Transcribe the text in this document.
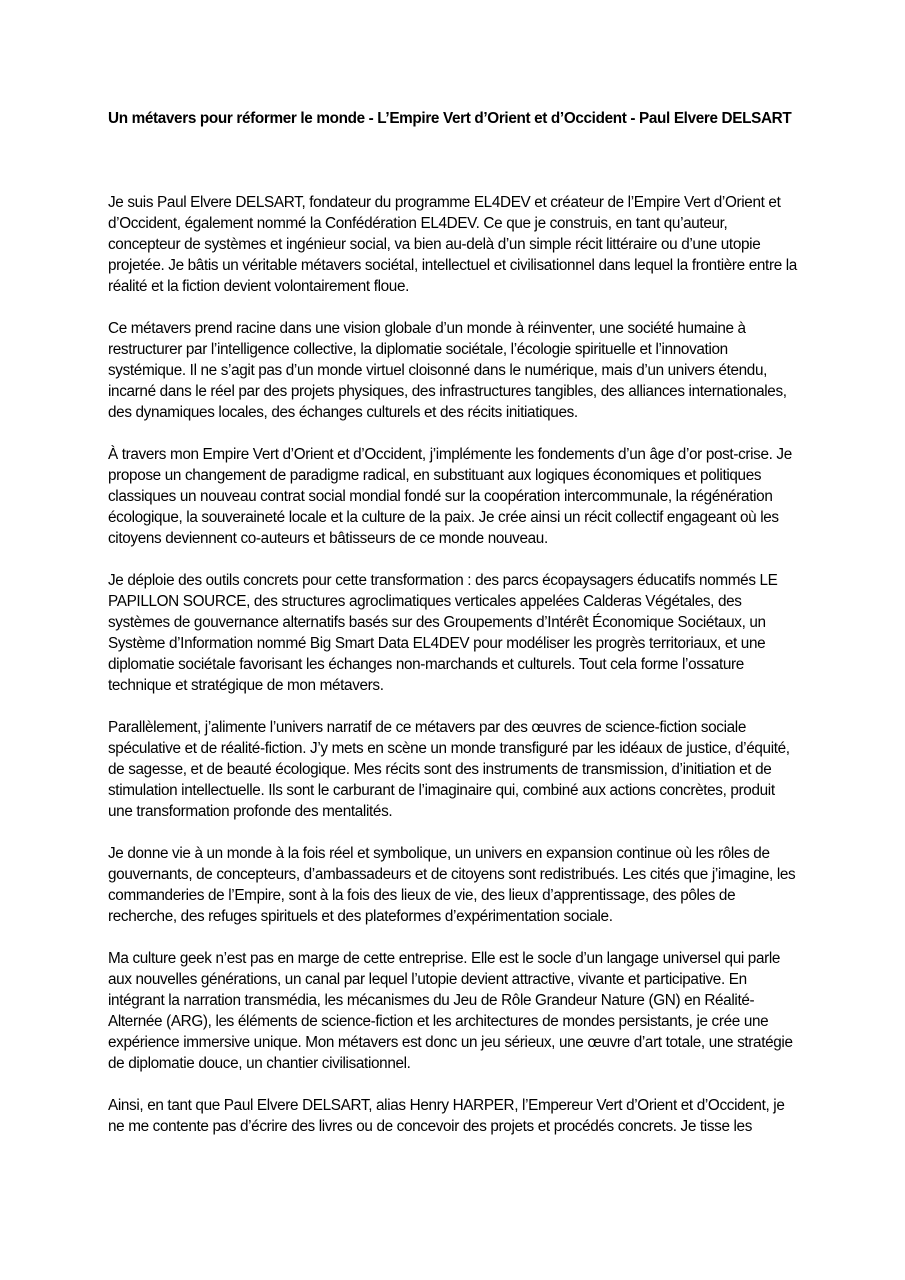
Un métavers pour réformer le monde - L’Empire Vert d’Orient et d’Occident - Paul Elvere DELSART
Je suis Paul Elvere DELSART, fondateur du programme EL4DEV et créateur de l’Empire Vert d’Orient et d’Occident, également nommé la Confédération EL4DEV. Ce que je construis, en tant qu’auteur, concepteur de systèmes et ingénieur social, va bien au-delà d’un simple récit littéraire ou d’une utopie projetée. Je bâtis un véritable métavers sociétal, intellectuel et civilisationnel dans lequel la frontière entre la réalité et la fiction devient volontairement floue.
Ce métavers prend racine dans une vision globale d’un monde à réinventer, une société humaine à restructurer par l’intelligence collective, la diplomatie sociétale, l’écologie spirituelle et l’innovation systémique. Il ne s’agit pas d’un monde virtuel cloisonné dans le numérique, mais d’un univers étendu, incarné dans le réel par des projets physiques, des infrastructures tangibles, des alliances internationales, des dynamiques locales, des échanges culturels et des récits initiatiques.
À travers mon Empire Vert d’Orient et d’Occident, j’implémente les fondements d’un âge d’or post-crise. Je propose un changement de paradigme radical, en substituant aux logiques économiques et politiques classiques un nouveau contrat social mondial fondé sur la coopération intercommunale, la régénération écologique, la souveraineté locale et la culture de la paix. Je crée ainsi un récit collectif engageant où les citoyens deviennent co-auteurs et bâtisseurs de ce monde nouveau.
Je déploie des outils concrets pour cette transformation : des parcs écopaysagers éducatifs nommés LE PAPILLON SOURCE, des structures agroclimatiques verticales appelées Calderas Végétales, des systèmes de gouvernance alternatifs basés sur des Groupements d’Intérêt Économique Sociétaux, un Système d’Information nommé Big Smart Data EL4DEV pour modéliser les progrès territoriaux, et une diplomatie sociétale favorisant les échanges non-marchands et culturels. Tout cela forme l’ossature technique et stratégique de mon métavers.
Parallèlement, j’alimente l’univers narratif de ce métavers par des œuvres de science-fiction sociale spéculative et de réalité-fiction. J’y mets en scène un monde transfiguré par les idéaux de justice, d’équité, de sagesse, et de beauté écologique. Mes récits sont des instruments de transmission, d’initiation et de stimulation intellectuelle. Ils sont le carburant de l’imaginaire qui, combiné aux actions concrètes, produit une transformation profonde des mentalités.
Je donne vie à un monde à la fois réel et symbolique, un univers en expansion continue où les rôles de gouvernants, de concepteurs, d’ambassadeurs et de citoyens sont redistribués. Les cités que j’imagine, les commanderies de l’Empire, sont à la fois des lieux de vie, des lieux d’apprentissage, des pôles de recherche, des refuges spirituels et des plateformes d’expérimentation sociale.
Ma culture geek n’est pas en marge de cette entreprise. Elle est le socle d’un langage universel qui parle aux nouvelles générations, un canal par lequel l’utopie devient attractive, vivante et participative. En intégrant la narration transmédia, les mécanismes du Jeu de Rôle Grandeur Nature (GN) en Réalité-Alternée (ARG), les éléments de science-fiction et les architectures de mondes persistants, je crée une expérience immersive unique. Mon métavers est donc un jeu sérieux, une œuvre d’art totale, une stratégie de diplomatie douce, un chantier civilisationnel.
Ainsi, en tant que Paul Elvere DELSART, alias Henry HARPER, l’Empereur Vert d’Orient et d’Occident, je ne me contente pas d’écrire des livres ou de concevoir des projets et procédés concrets. Je tisse les
